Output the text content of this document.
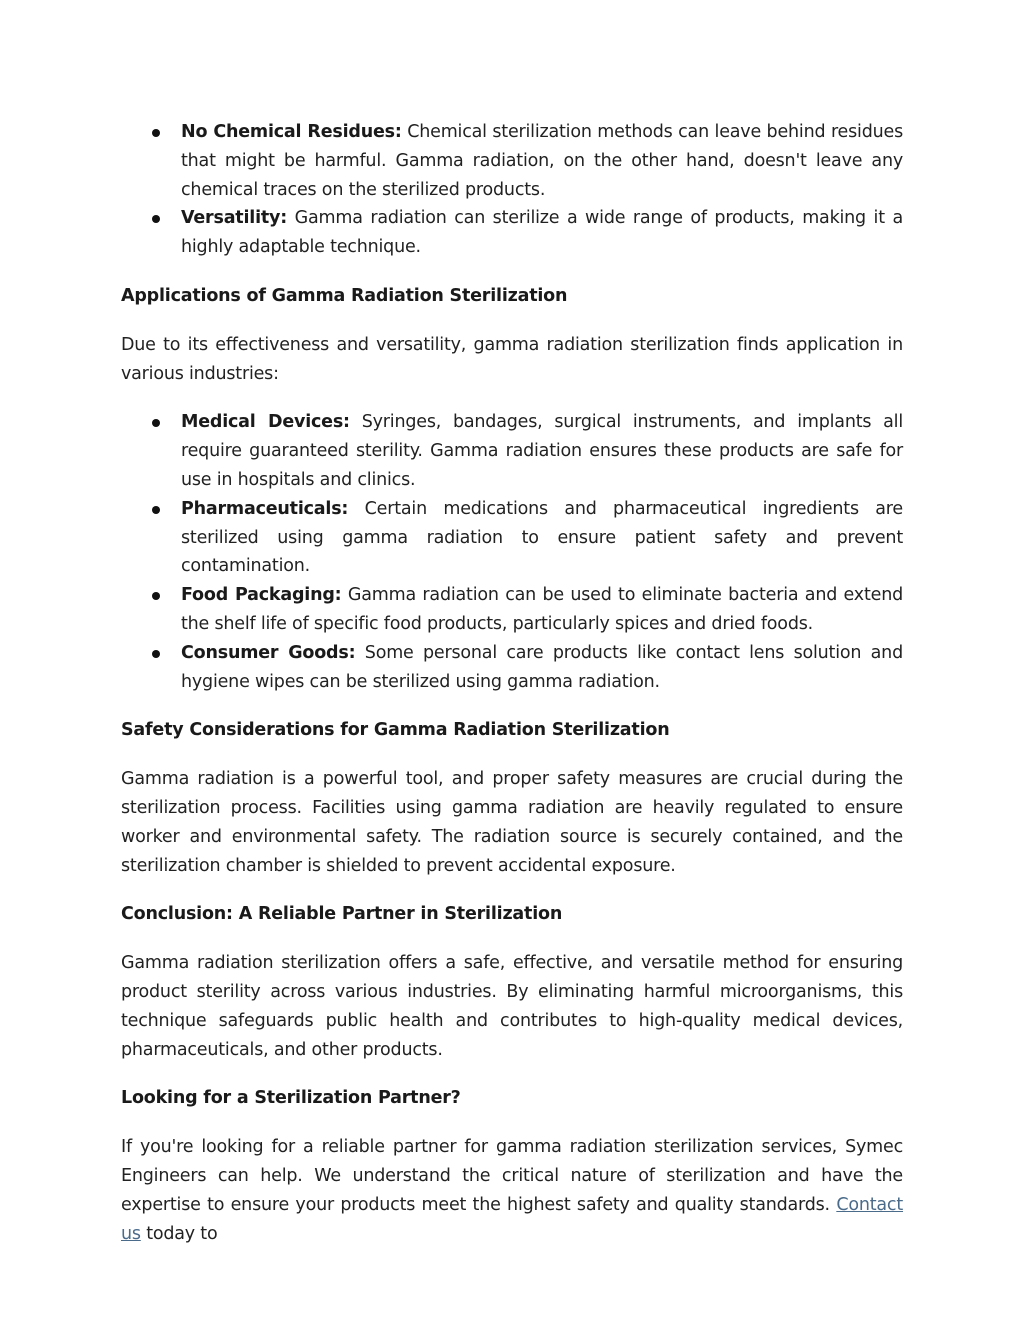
No Chemical Residues: Chemical sterilization methods can leave behind residues that might be harmful. Gamma radiation, on the other hand, doesn't leave any chemical traces on the sterilized products.
Versatility: Gamma radiation can sterilize a wide range of products, making it a highly adaptable technique.
Applications of Gamma Radiation Sterilization

Due to its effectiveness and versatility, gamma radiation sterilization finds application in various industries:

Medical Devices: Syringes, bandages, surgical instruments, and implants all require guaranteed sterility. Gamma radiation ensures these products are safe for use in hospitals and clinics.
Pharmaceuticals: Certain medications and pharmaceutical ingredients are sterilized using gamma radiation to ensure patient safety and prevent contamination.
Food Packaging: Gamma radiation can be used to eliminate bacteria and extend the shelf life of specific food products, particularly spices and dried foods.
Consumer Goods: Some personal care products like contact lens solution and hygiene wipes can be sterilized using gamma radiation.
Safety Considerations for Gamma Radiation Sterilization

Gamma radiation is a powerful tool, and proper safety measures are crucial during the sterilization process. Facilities using gamma radiation are heavily regulated to ensure worker and environmental safety. The radiation source is securely contained, and the sterilization chamber is shielded to prevent accidental exposure.

Conclusion: A Reliable Partner in Sterilization

Gamma radiation sterilization offers a safe, effective, and versatile method for ensuring product sterility across various industries. By eliminating harmful microorganisms, this technique safeguards public health and contributes to high-quality medical devices, pharmaceuticals, and other products.

Looking for a Sterilization Partner?

If you're looking for a reliable partner for gamma radiation sterilization services, Symec Engineers can help. We understand the critical nature of sterilization and have the expertise to ensure your products meet the highest safety and quality standards. Contact us today to
